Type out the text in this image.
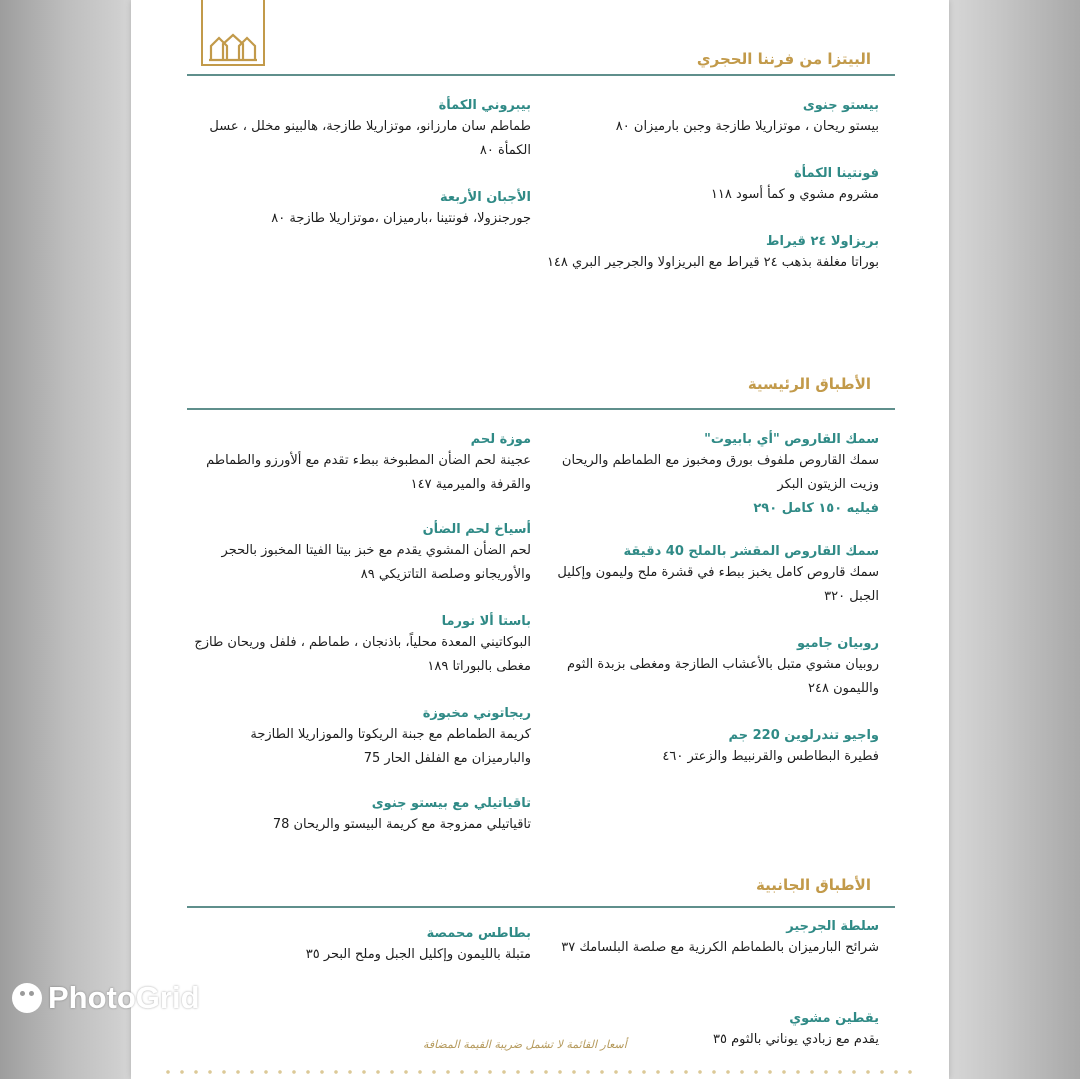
البيتزا من فرننا الحجري
بيستو جنوى
بيستو ريحان ، موتزاريلا طازجة وجبن بارميزان ٨٠
فونتينا الكمأة
مشروم مشوي و كمأ أسود ١١٨
بريزاولا ٢٤ قيراط
بوراتا مغلفة بذهب ٢٤ قيراط مع البريزاولا والجرجير البري ١٤٨
بيبروني الكمأة
طماطم سان مارزانو، موتزاريلا طازجة، هالبينو مخلل ، عسل الكمأة ٨٠
الأجبان الأربعة
جورجنزولا، فونتينا ،بارميزان ،موتزاريلا طازجة ٨٠
الأطباق الرئيسية
سمك القاروص "أي بابيوت"
سمك القاروص ملفوف بورق ومخبوز مع الطماطم والريحان وزيت الزيتون البكر
فيليه ١٥٠ كامل ٢٩٠
سمك القاروص المقشر بالملح 40 دقيقة
سمك قاروص كامل يخبز ببطء في قشرة ملح وليمون وإكليل الجبل ٣٢٠
روبيان جاميو
روبيان مشوي متبل بالأعشاب الطازجة ومغطى بزبدة الثوم والليمون ٢٤٨
واجيو تندرلوين 220 جم
فطيرة البطاطس والقرنبيط والزعتر ٤٦٠
موزة لحم
عجينة لحم الضأن المطبوخة ببطء تقدم مع ألأورزو والطماطم والقرفة والميرمية ١٤٧
أسياخ لحم الضأن
لحم الضأن المشوي يقدم مع خبز بيتا الفيتا المخبوز بالحجر والأوريجانو وصلصة التاتزيكي ٨٩
باستا ألا نورما
البوكاتيني المعدة محلياً، باذنجان ، طماطم ، فلفل وريحان طازج مغطى بالبوراتا ١٨٩
ريجاتوني مخبوزة
كريمة الطماطم مع جبنة الريكوتا والموزاريلا الطازجة والبارميزان مع الفلفل الحار 75
تاقياتيلي مع بيستو جنوى
تاقياتيلي ممزوجة مع كريمة البيستو والريحان 78
الأطباق الجانبية
سلطة الجرجير
شرائح البارميزان بالطماطم الكرزية مع صلصة البلسامك ٣٧
يقطين مشوي
يقدم مع زبادي يوناني بالثوم ٣٥
بطاطس محمصة
متبلة بالليمون وإكليل الجبل وملح البحر ٣٥
أسعار القائمة لا تشمل ضريبة القيمة المضافة
PhotoGrid
